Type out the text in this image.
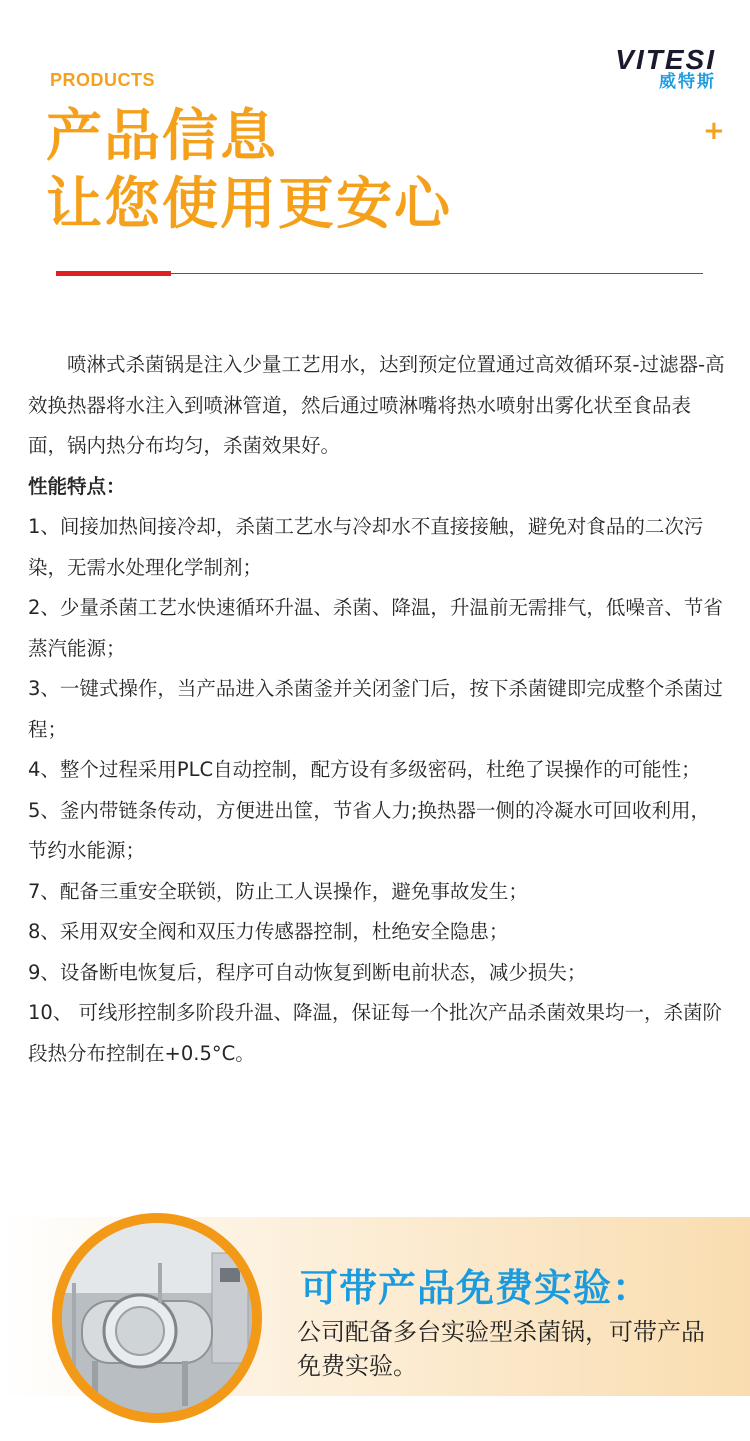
PRODUCTS
VITESI
威特斯
+
产品信息
让您使用更安心

喷淋式杀菌锅是注入少量工艺用水，达到预定位置通过高效循环泵-过滤器-高效换热器将水注入到喷淋管道，然后通过喷淋嘴将热水喷射出雾化状至食品表面，锅内热分布均匀，杀菌效果好。

性能特点：

1、间接加热间接冷却，杀菌工艺水与冷却水不直接接触，避免对食品的二次污染，无需水处理化学制剂；

2、少量杀菌工艺水快速循环升温、杀菌、降温，升温前无需排气，低噪音、节省蒸汽能源；

3、一键式操作，当产品进入杀菌釜并关闭釜门后，按下杀菌键即完成整个杀菌过程；

4、整个过程采用PLC自动控制，配方设有多级密码，杜绝了误操作的可能性；

5、釜内带链条传动，方便进出筐，节省人力;换热器一侧的冷凝水可回收利用，节约水能源；

7、配备三重安全联锁，防止工人误操作，避免事故发生；

8、采用双安全阀和双压力传感器控制，杜绝安全隐患；

9、设备断电恢复后，程序可自动恢复到断电前状态，减少损失；

10、 可线形控制多阶段升温、降温，保证每一个批次产品杀菌效果均一，杀菌阶段热分布控制在+0.5°C。

可带产品免费实验：
公司配备多台实验型杀菌锅，可带产品免费实验。
